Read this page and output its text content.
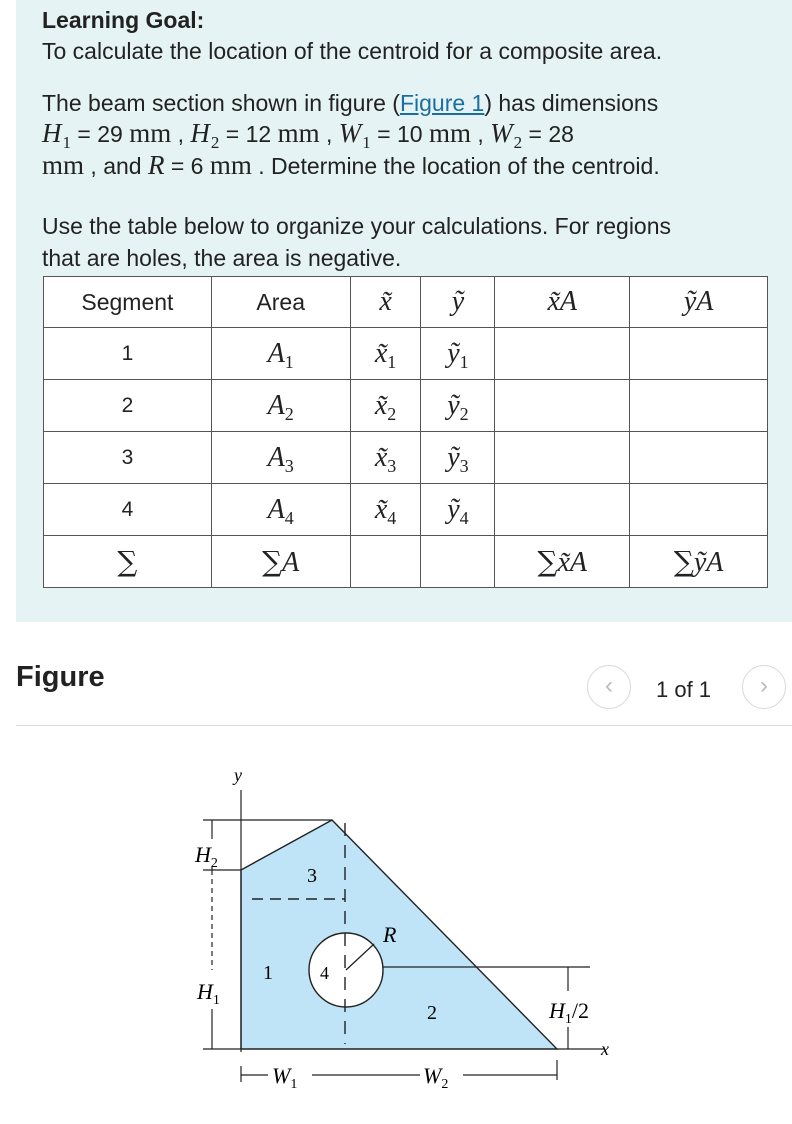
Learning Goal:
To calculate the location of the centroid for a composite area.
The beam section shown in figure (Figure 1) has dimensions
$H_1 = 29$ mm , $H_2 = 12$ mm , $W_1 = 10$ mm , $W_2 = 28$
mm , and R = 6 mm . Determine the location of the centroid.
Use the table below to organize your calculations. For regions
that are holes, the area is negative.
Segment	Area	x̃	ỹ	x̃A	ỹA
1	$A_1$	$x̃_1$	ỹ$_1$		
2	$A_2$	$x̃_2$	ỹ$_2$		
3	$A_3$	$x̃_3$	ỹ$_3$		
4	$A_4$	$x̃_4$	ỹ$_4$		
∑	∑A			∑x̃A	∑ỹA
Figure	‹	1 of 1	›
y
x
$H_2$
$H_1$
3
1	4
2
R
$H_1/2$
$W_1$	$W_2$
